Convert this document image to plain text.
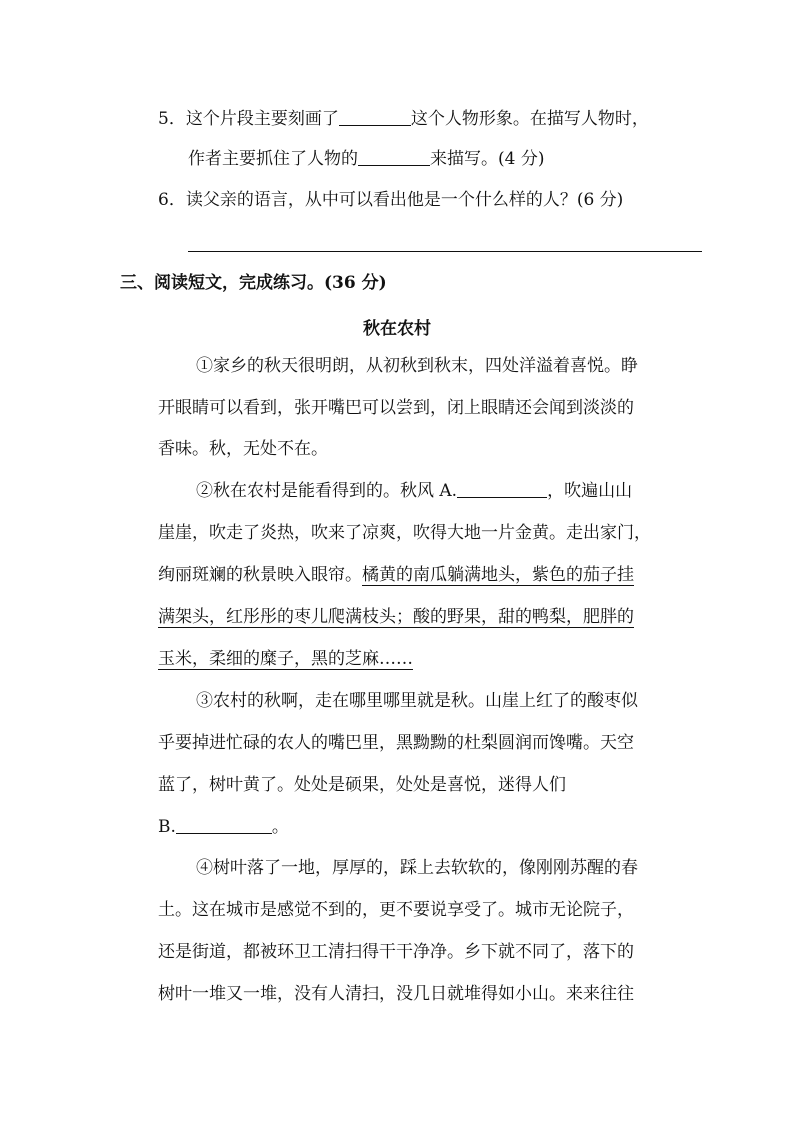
5．这个片段主要刻画了	这个人物形象。在描写人物时，
作者主要抓住了人物的	来描写。(4 分)
6．读父亲的语言，从中可以看出他是一个什么样的人？(6 分)
三、阅读短文，完成练习。(36 分)
秋在农村
①家乡的秋天很明朗，从初秋到秋末，四处洋溢着喜悦。睁
开眼睛可以看到，张开嘴巴可以尝到，闭上眼睛还会闻到淡淡的
香味。秋，无处不在。
②秋在农村是能看得到的。秋风 A.	，吹遍山山
崖崖，吹走了炎热，吹来了凉爽，吹得大地一片金黄。走出家门，
绚丽斑斓的秋景映入眼帘。橘黄的南瓜躺满地头，紫色的茄子挂
满架头，红彤彤的枣儿爬满枝头；酸的野果，甜的鸭梨，肥胖的
玉米，柔细的糜子，黑的芝麻……
③农村的秋啊，走在哪里哪里就是秋。山崖上红了的酸枣似
乎要掉进忙碌的农人的嘴巴里，黑黝黝的杜梨圆润而馋嘴。天空
蓝了，树叶黄了。处处是硕果，处处是喜悦，迷得人们
B.	。
④树叶落了一地，厚厚的，踩上去软软的，像刚刚苏醒的春
土。这在城市是感觉不到的，更不要说享受了。城市无论院子，
还是街道，都被环卫工清扫得干干净净。乡下就不同了，落下的
树叶一堆又一堆，没有人清扫，没几日就堆得如小山。来来往往
